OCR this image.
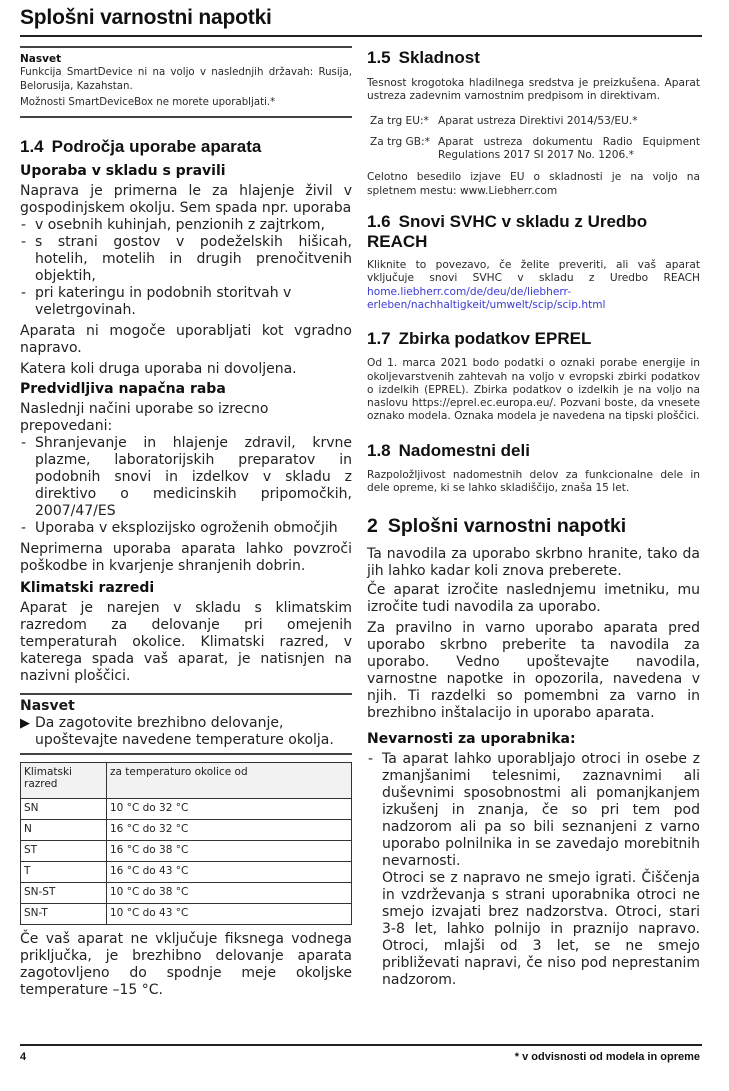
Splošni varnostni napotki
Nasvet

Funkcija SmartDevice ni na voljo v naslednjih državah: Rusija, Belorusija, Kazahstan.

Možnosti SmartDeviceBox ne morete uporabljati.*

1.4 Področja uporabe aparata
Uporaba v skladu s pravili

Naprava je primerna le za hlajenje živil v gospodinjskem okolju. Sem spada npr. uporaba

- v osebnih kuhinjah, penzionih z zajtrkom,
- s strani gostov v podeželskih hišicah, hotelih, motelih in drugih prenočitvenih objektih,
- pri kateringu in podobnih storitvah v veletrgovinah.

Aparata ni mogoče uporabljati kot vgradno napravo.

Katera koli druga uporaba ni dovoljena.

Predvidljiva napačna raba

Naslednji načini uporabe so izrecno prepovedani:

- Shranjevanje in hlajenje zdravil, krvne plazme, laboratorijskih preparatov in podobnih snovi in izdelkov v skladu z direktivo o medicinskih pripomočkih, 2007/47/ES
- Uporaba v eksplozijsko ogroženih območjih

Neprimerna uporaba aparata lahko povzroči poškodbe in kvarjenje shranjenih dobrin.

Klimatski razredi

Aparat je narejen v skladu s klimatskim razredom za delovanje pri omejenih temperaturah okolice. Klimatski razred, v katerega spada vaš aparat, je natisnjen na nazivni ploščici.

Nasvet
▶ Da zagotovite brezhibno delovanje, upoštevajte navedene temperature okolja.
Klimatski razred	za temperaturo okolice od
SN	10 °C do 32 °C
N	16 °C do 32 °C
ST	16 °C do 38 °C
T	16 °C do 43 °C
SN-ST	10 °C do 38 °C
SN-T	10 °C do 43 °C

Če vaš aparat ne vključuje fiksnega vodnega priključka, je brezhibno delovanje aparata zagotovljeno do spodnje meje okoljske temperature –15 °C.

1.5 Skladnost

Tesnost krogotoka hladilnega sredstva je preizkušena. Aparat ustreza zadevnim varnostnim predpisom in direktivam.

Za trg EU:* Aparat ustreza Direktivi 2014/53/EU.*
Za trg GB:* Aparat ustreza dokumentu Radio Equipment Regulations 2017 SI 2017 No. 1206.*

Celotno besedilo izjave EU o skladnosti je na voljo na spletnem mestu: www.Liebherr.com

1.6 Snovi SVHC v skladu z Uredbo REACH

Kliknite to povezavo, če želite preveriti, ali vaš aparat vključuje snovi SVHC v skladu z Uredbo REACH home.liebherr.com/de/deu/de/liebherr-erleben/nachhaltigkeit/umwelt/scip/scip.html

1.7 Zbirka podatkov EPREL

Od 1. marca 2021 bodo podatki o oznaki porabe energije in okoljevarstvenih zahtevah na voljo v evropski zbirki podatkov o izdelkih (EPREL). Zbirka podatkov o izdelkih je na voljo na naslovu https://eprel.ec.europa.eu/. Pozvani boste, da vnesete oznako modela. Oznaka modela je navedena na tipski ploščici.

1.8 Nadomestni deli

Razpoložljivost nadomestnih delov za funkcionalne dele in dele opreme, ki se lahko skladiščijo, znaša 15 let.

2 Splošni varnostni napotki

Ta navodila za uporabo skrbno hranite, tako da jih lahko kadar koli znova preberete.

Če aparat izročite naslednjemu imetniku, mu izročite tudi navodila za uporabo.

Za pravilno in varno uporabo aparata pred uporabo skrbno preberite ta navodila za uporabo. Vedno upoštevajte navodila, varnostne napotke in opozorila, navedena v njih. Ti razdelki so pomembni za varno in brezhibno inštalacijo in uporabo aparata.

Nevarnosti za uporabnika:
- Ta aparat lahko uporabljajo otroci in osebe z zmanjšanimi telesnimi, zaznavnimi ali duševnimi sposobnostmi ali pomanjkanjem izkušenj in znanja, če so pri tem pod nadzorom ali pa so bili seznanjeni z varno uporabo polnilnika in se zavedajo morebitnih nevarnosti.
Otroci se z napravo ne smejo igrati. Čiščenja in vzdrževanja s strani uporabnika otroci ne smejo izvajati brez nadzorstva. Otroci, stari 3-8 let, lahko polnijo in praznijo napravo. Otroci, mlajši od 3 let, se ne smejo približevati napravi, če niso pod neprestanim nadzorom.
4	* v odvisnosti od modela in opreme
